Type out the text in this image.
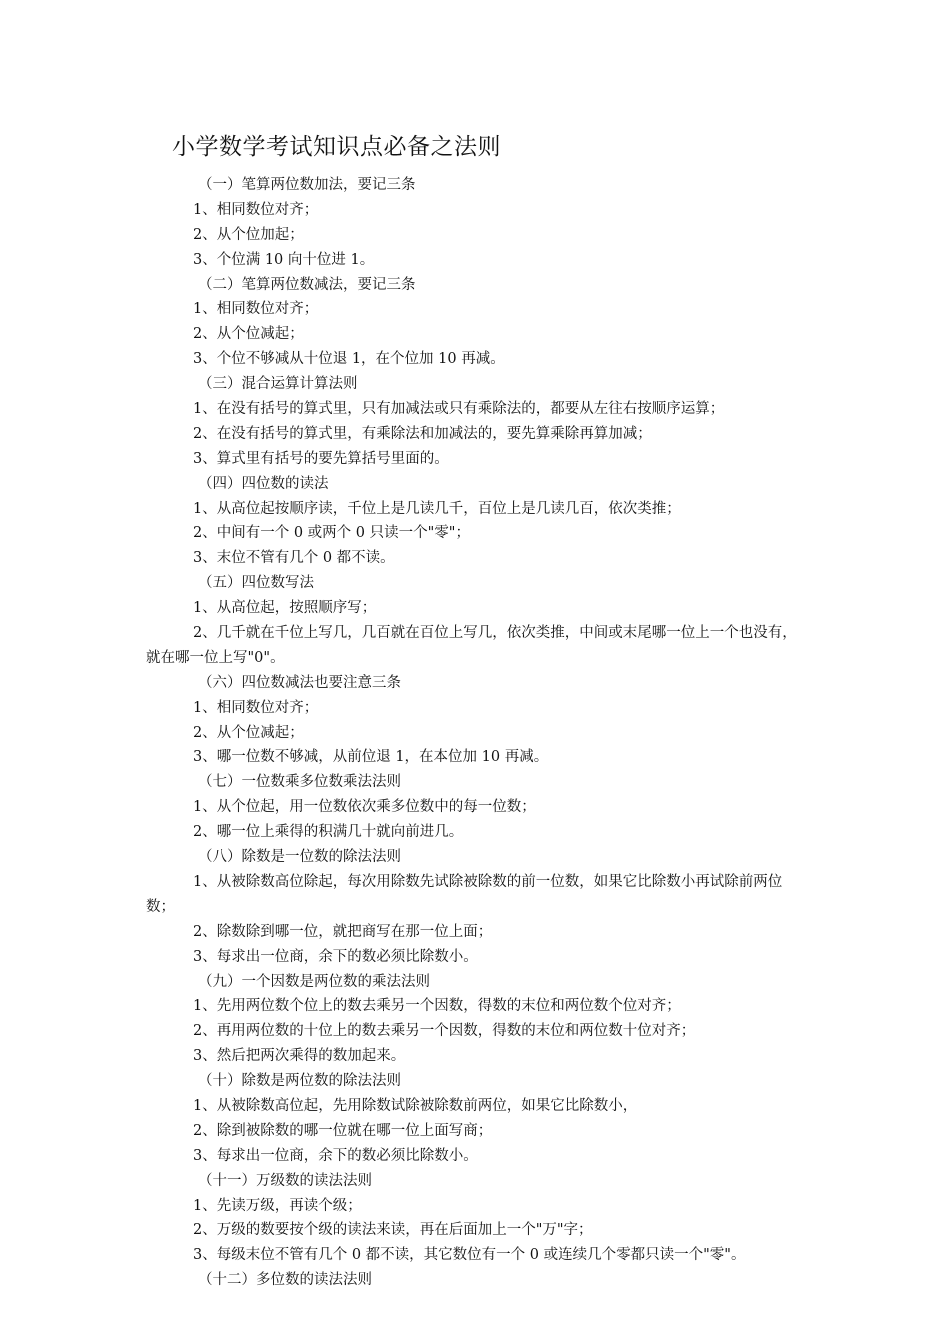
小学数学考试知识点必备之法则
（一）笔算两位数加法，要记三条
1、相同数位对齐；
2、从个位加起；
3、个位满 10 向十位进 1。
（二）笔算两位数减法，要记三条
1、相同数位对齐；
2、从个位减起；
3、个位不够减从十位退 1，在个位加 10 再减。
（三）混合运算计算法则
1、在没有括号的算式里，只有加减法或只有乘除法的，都要从左往右按顺序运算；
2、在没有括号的算式里，有乘除法和加减法的，要先算乘除再算加减；
3、算式里有括号的要先算括号里面的。
（四）四位数的读法
1、从高位起按顺序读，千位上是几读几千，百位上是几读几百，依次类推；
2、中间有一个 0 或两个 0 只读一个"零"；
3、末位不管有几个 0 都不读。
（五）四位数写法
1、从高位起，按照顺序写；
2、几千就在千位上写几，几百就在百位上写几，依次类推，中间或末尾哪一位上一个也没有，
就在哪一位上写"0"。
（六）四位数减法也要注意三条
1、相同数位对齐；
2、从个位减起；
3、哪一位数不够减，从前位退 1，在本位加 10 再减。
（七）一位数乘多位数乘法法则
1、从个位起，用一位数依次乘多位数中的每一位数；
2、哪一位上乘得的积满几十就向前进几。
（八）除数是一位数的除法法则
1、从被除数高位除起，每次用除数先试除被除数的前一位数，如果它比除数小再试除前两位
数；
2、除数除到哪一位，就把商写在那一位上面；
3、每求出一位商，余下的数必须比除数小。
（九）一个因数是两位数的乘法法则
1、先用两位数个位上的数去乘另一个因数，得数的末位和两位数个位对齐；
2、再用两位数的十位上的数去乘另一个因数，得数的末位和两位数十位对齐；
3、然后把两次乘得的数加起来。
（十）除数是两位数的除法法则
1、从被除数高位起，先用除数试除被除数前两位，如果它比除数小，
2、除到被除数的哪一位就在哪一位上面写商；
3、每求出一位商，余下的数必须比除数小。
（十一）万级数的读法法则
1、先读万级，再读个级；
2、万级的数要按个级的读法来读，再在后面加上一个"万"字；
3、每级末位不管有几个 0 都不读，其它数位有一个 0 或连续几个零都只读一个"零"。
（十二）多位数的读法法则
